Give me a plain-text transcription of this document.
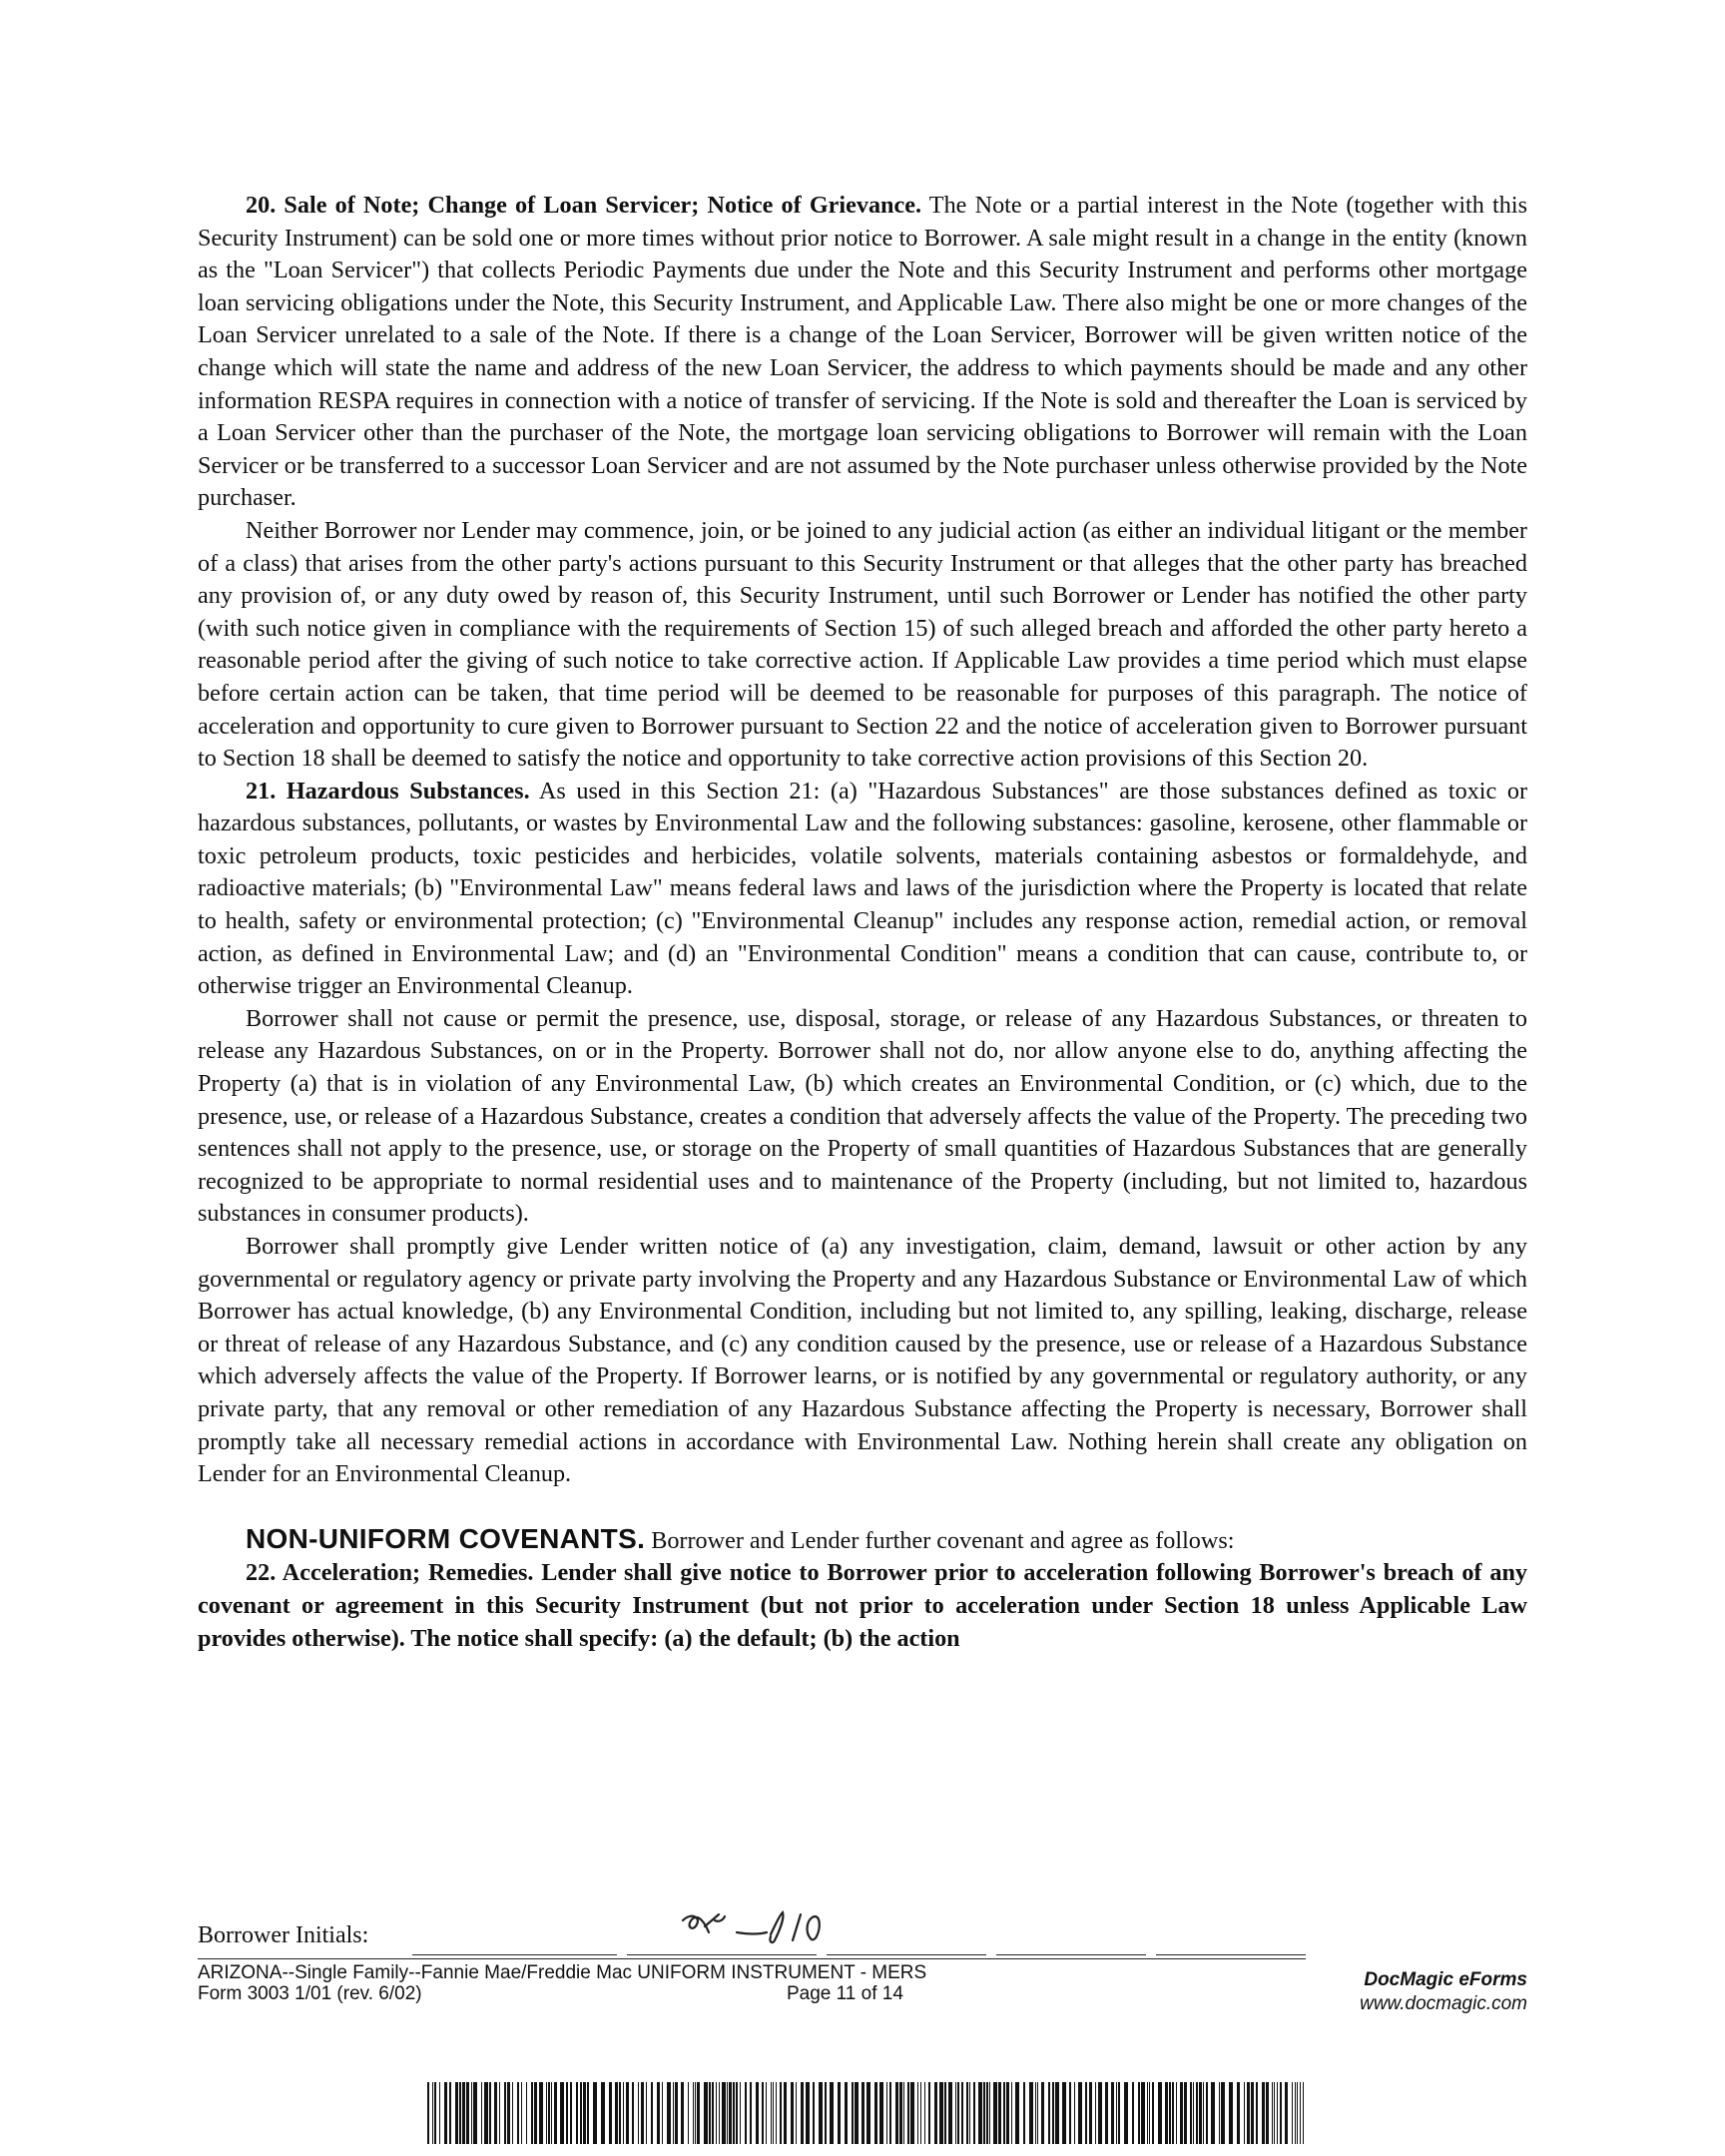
20. Sale of Note; Change of Loan Servicer; Notice of Grievance. The Note or a partial interest in the Note (together with this Security Instrument) can be sold one or more times without prior notice to Borrower. A sale might result in a change in the entity (known as the "Loan Servicer") that collects Periodic Payments due under the Note and this Security Instrument and performs other mortgage loan servicing obligations under the Note, this Security Instrument, and Applicable Law. There also might be one or more changes of the Loan Servicer unrelated to a sale of the Note. If there is a change of the Loan Servicer, Borrower will be given written notice of the change which will state the name and address of the new Loan Servicer, the address to which payments should be made and any other information RESPA requires in connection with a notice of transfer of servicing. If the Note is sold and thereafter the Loan is serviced by a Loan Servicer other than the purchaser of the Note, the mortgage loan servicing obligations to Borrower will remain with the Loan Servicer or be transferred to a successor Loan Servicer and are not assumed by the Note purchaser unless otherwise provided by the Note purchaser.

Neither Borrower nor Lender may commence, join, or be joined to any judicial action (as either an individual litigant or the member of a class) that arises from the other party's actions pursuant to this Security Instrument or that alleges that the other party has breached any provision of, or any duty owed by reason of, this Security Instrument, until such Borrower or Lender has notified the other party (with such notice given in compliance with the requirements of Section 15) of such alleged breach and afforded the other party hereto a reasonable period after the giving of such notice to take corrective action. If Applicable Law provides a time period which must elapse before certain action can be taken, that time period will be deemed to be reasonable for purposes of this paragraph. The notice of acceleration and opportunity to cure given to Borrower pursuant to Section 22 and the notice of acceleration given to Borrower pursuant to Section 18 shall be deemed to satisfy the notice and opportunity to take corrective action provisions of this Section 20.

21. Hazardous Substances. As used in this Section 21: (a) "Hazardous Substances" are those substances defined as toxic or hazardous substances, pollutants, or wastes by Environmental Law and the following substances: gasoline, kerosene, other flammable or toxic petroleum products, toxic pesticides and herbicides, volatile solvents, materials containing asbestos or formaldehyde, and radioactive materials; (b) "Environmental Law" means federal laws and laws of the jurisdiction where the Property is located that relate to health, safety or environmental protection; (c) "Environmental Cleanup" includes any response action, remedial action, or removal action, as defined in Environmental Law; and (d) an "Environmental Condition" means a condition that can cause, contribute to, or otherwise trigger an Environmental Cleanup.

Borrower shall not cause or permit the presence, use, disposal, storage, or release of any Hazardous Substances, or threaten to release any Hazardous Substances, on or in the Property. Borrower shall not do, nor allow anyone else to do, anything affecting the Property (a) that is in violation of any Environmental Law, (b) which creates an Environmental Condition, or (c) which, due to the presence, use, or release of a Hazardous Substance, creates a condition that adversely affects the value of the Property. The preceding two sentences shall not apply to the presence, use, or storage on the Property of small quantities of Hazardous Substances that are generally recognized to be appropriate to normal residential uses and to maintenance of the Property (including, but not limited to, hazardous substances in consumer products).

Borrower shall promptly give Lender written notice of (a) any investigation, claim, demand, lawsuit or other action by any governmental or regulatory agency or private party involving the Property and any Hazardous Substance or Environmental Law of which Borrower has actual knowledge, (b) any Environmental Condition, including but not limited to, any spilling, leaking, discharge, release or threat of release of any Hazardous Substance, and (c) any condition caused by the presence, use or release of a Hazardous Substance which adversely affects the value of the Property. If Borrower learns, or is notified by any governmental or regulatory authority, or any private party, that any removal or other remediation of any Hazardous Substance affecting the Property is necessary, Borrower shall promptly take all necessary remedial actions in accordance with Environmental Law. Nothing herein shall create any obligation on Lender for an Environmental Cleanup.

NON-UNIFORM COVENANTS. Borrower and Lender further covenant and agree as follows:

22. Acceleration; Remedies. Lender shall give notice to Borrower prior to acceleration following Borrower's breach of any covenant or agreement in this Security Instrument (but not prior to acceleration under Section 18 unless Applicable Law provides otherwise). The notice shall specify: (a) the default; (b) the action

Borrower Initials:
ARIZONA--Single Family--Fannie Mae/Freddie Mac UNIFORM INSTRUMENT - MERS
Form 3003 1/01 (rev. 6/02)	Page 11 of 14
DocMagic eForms
www.docmagic.com
